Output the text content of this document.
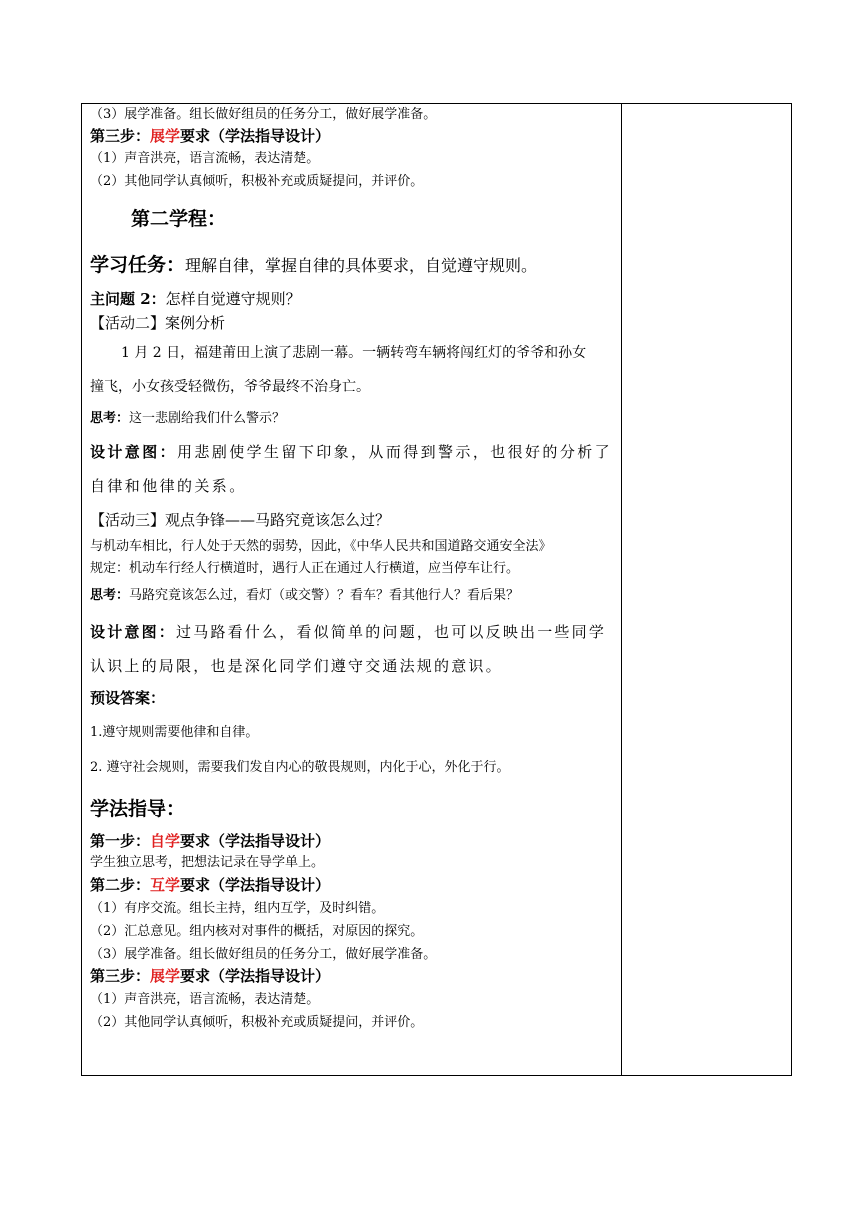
（3）展学准备。组长做好组员的任务分工，做好展学准备。
第三步：展学要求（学法指导设计）
（1）声音洪亮，语言流畅，表达清楚。
（2）其他同学认真倾听，积极补充或质疑提问，并评价。
第二学程：
学习任务：理解自律，掌握自律的具体要求，自觉遵守规则。
主问题 2：怎样自觉遵守规则？
【活动二】案例分析
1 月 2 日，福建莆田上演了悲剧一幕。一辆转弯车辆将闯红灯的爷爷和孙女
撞飞，小女孩受轻微伤，爷爷最终不治身亡。
思考：这一悲剧给我们什么警示？
设计意图：用悲剧使学生留下印象，从而得到警示，也很好的分析了
自律和他律的关系。
【活动三】观点争锋——马路究竟该怎么过？
与机动车相比，行人处于天然的弱势，因此，《中华人民共和国道路交通安全法》
规定：机动车行经人行横道时，遇行人正在通过人行横道，应当停车让行。
思考：马路究竟该怎么过，看灯（或交警）？看车？看其他行人？看后果？
设计意图：过马路看什么，看似简单的问题，也可以反映出一些同学
认识上的局限，也是深化同学们遵守交通法规的意识。
预设答案：
1.遵守规则需要他律和自律。
2. 遵守社会规则，需要我们发自内心的敬畏规则，内化于心，外化于行。
学法指导：
第一步：自学要求（学法指导设计）
学生独立思考，把想法记录在导学单上。
第二步：互学要求（学法指导设计）
（1）有序交流。组长主持，组内互学，及时纠错。
（2）汇总意见。组内核对对事件的概括，对原因的探究。
（3）展学准备。组长做好组员的任务分工，做好展学准备。
第三步：展学要求（学法指导设计）
（1）声音洪亮，语言流畅，表达清楚。
（2）其他同学认真倾听，积极补充或质疑提问，并评价。
